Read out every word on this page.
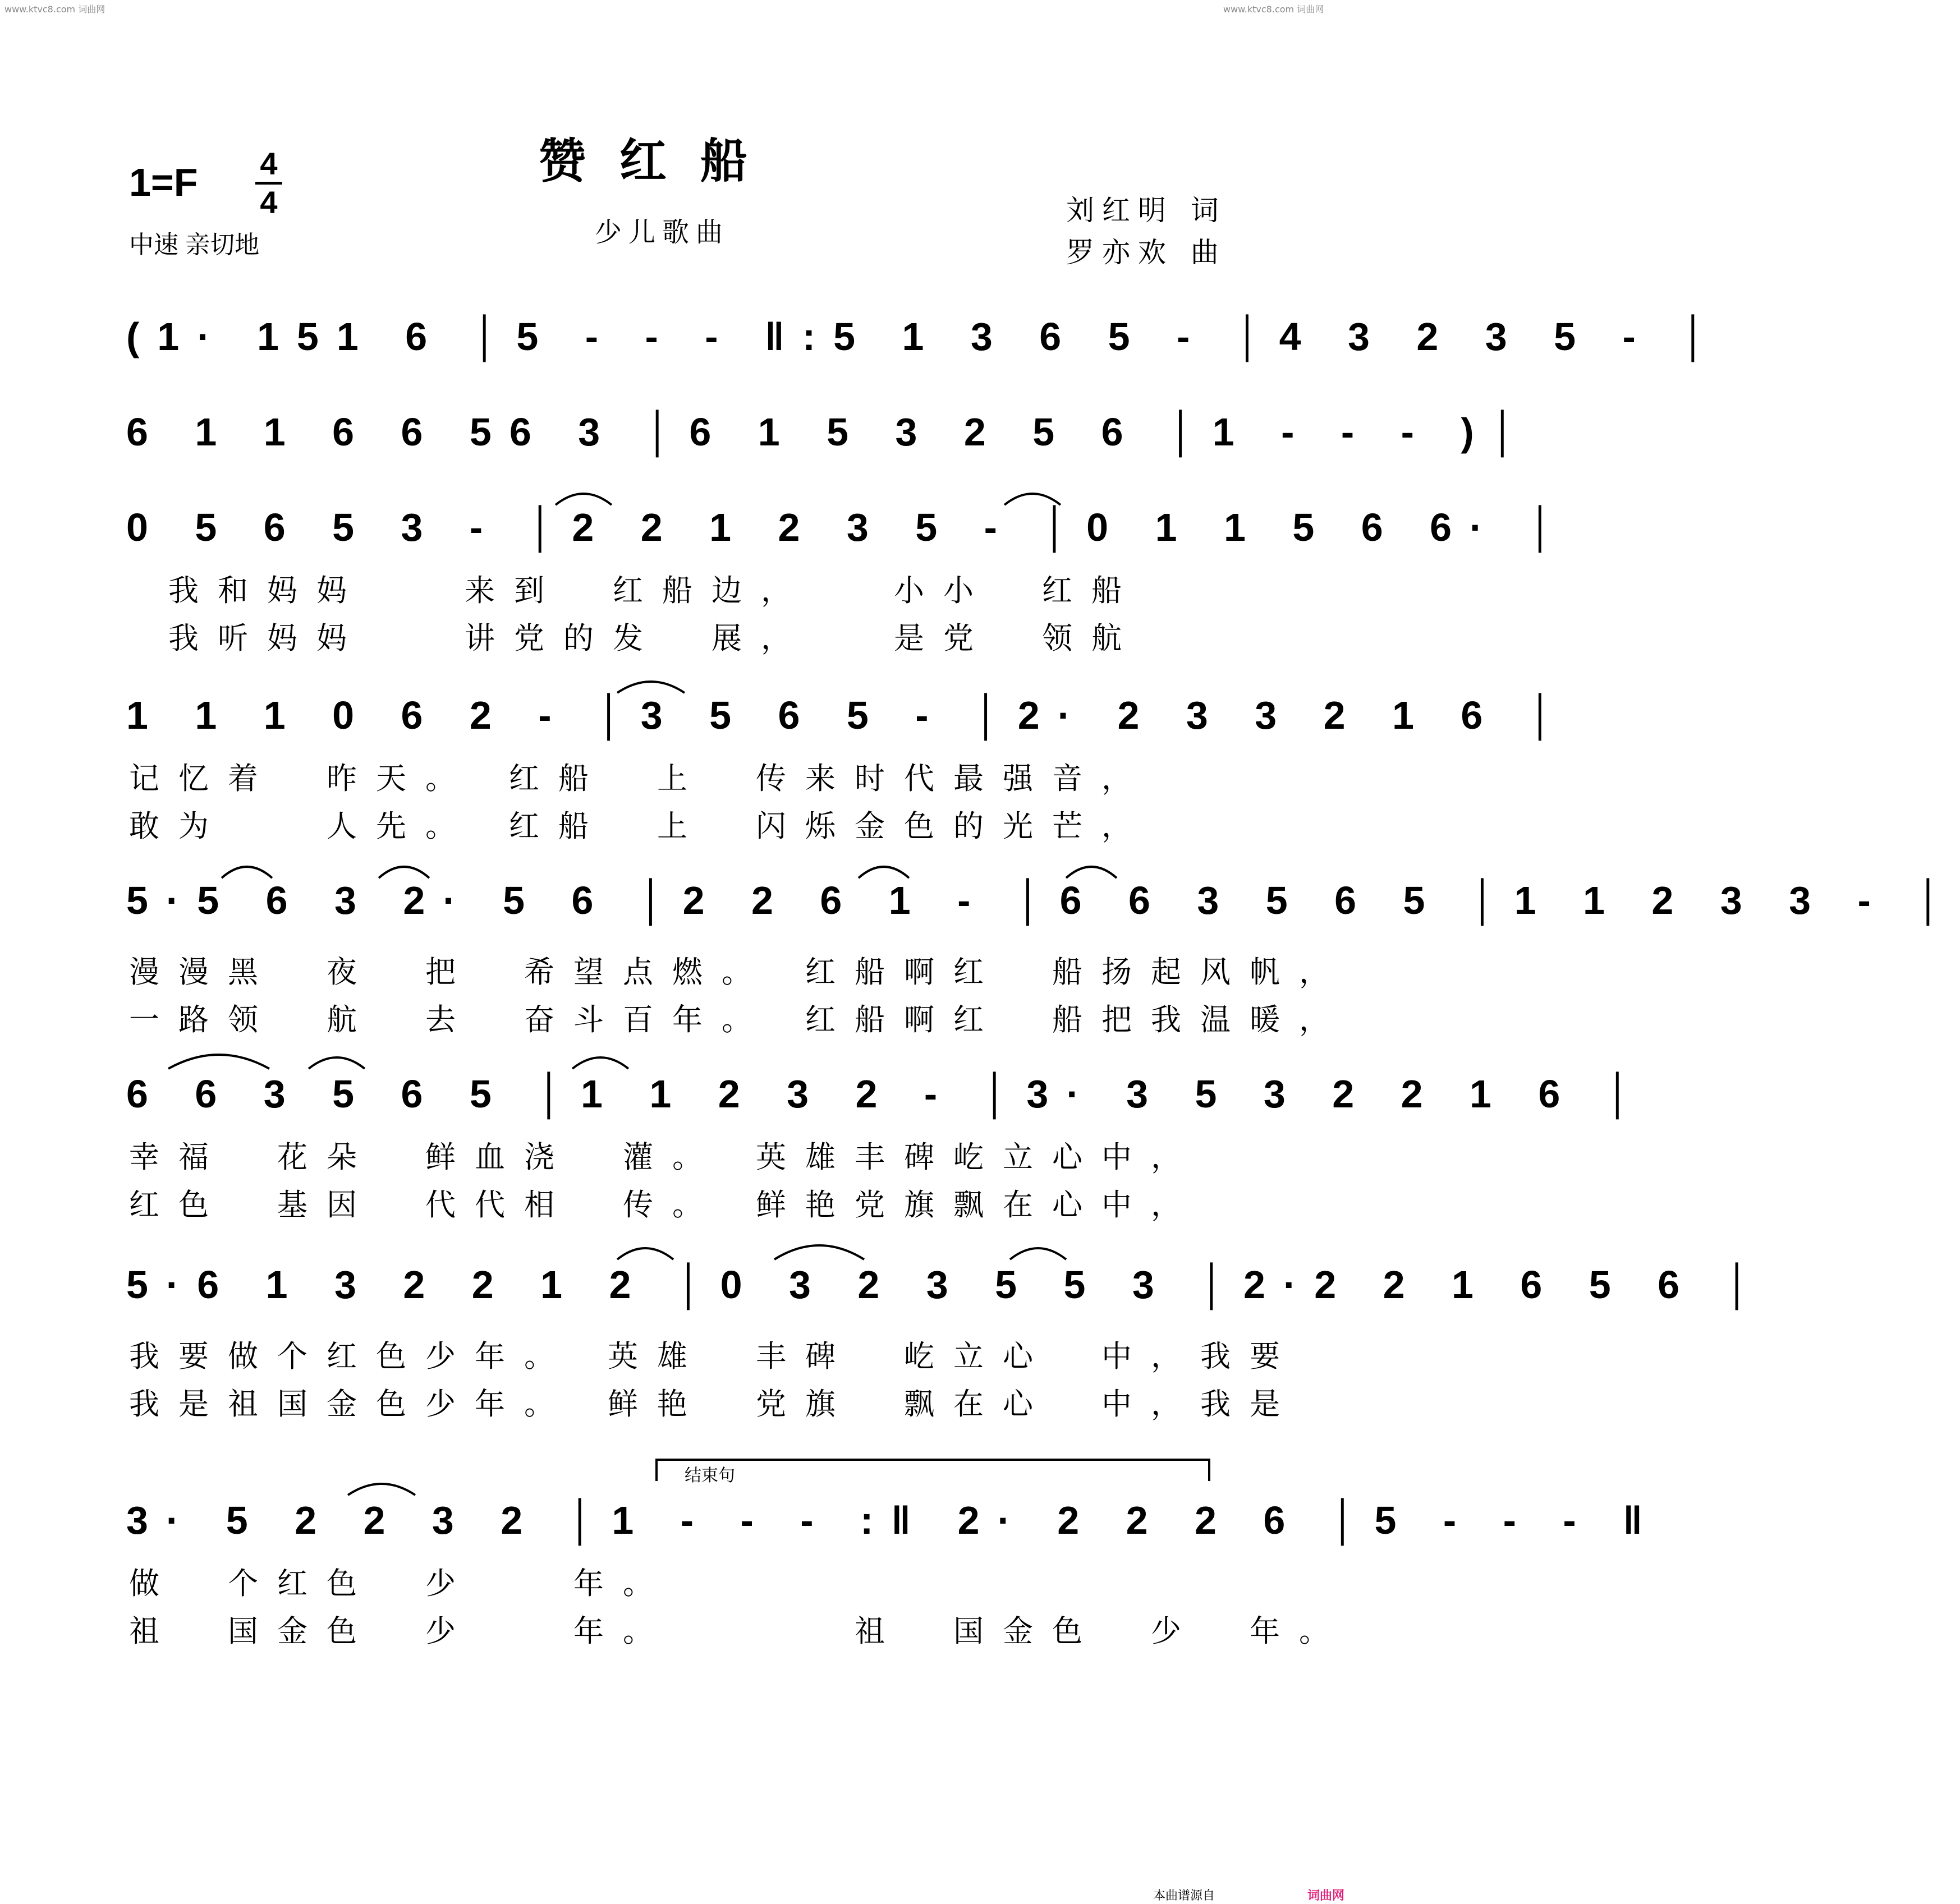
www.ktvc8.com 词曲网	www.ktvc8.com 词曲网
赞红船
少儿歌曲
刘红明 词
罗亦欢 曲
1=F 4
4
中速 亲切地
(1· 151 6 │5 - - - ‖:5 1 3 6 5 - │4 3 2 3 5 - │
6 1 1 6 6 56 3 │6 1 5 3 2 5 6 │1 - - - )│
0 5 6 5 3 - │2 2 1 2 3 5 - │0 1 1 5 6 6· │
我和妈妈　　来到　红船边，　　小小　红船
我听妈妈　　讲党的发　展，　　是党　领航
1 1 1 0 6 2 - │3 5 6 5 - │2· 2 3 3 2 1 6 │
记忆着　昨天。　红船　上　传来时代最强音，
敢为　　人先。　红船　上　闪烁金色的光芒，
5·5 6 3 2· 5 6 │2 2 6 1 - │6 6 3 5 6 5 │1 1 2 3 3 - │
漫漫黑　夜　把　希望点燃。　红船啊红　船扬起风帆，
一路领　航　去　奋斗百年。　红船啊红　船把我温暖，
6 6 3 5 6 5 │1 1 2 3 2 - │3· 3 5 3 2 2 1 6 │
幸福　花朵　鲜血浇　灌。　英雄丰碑屹立心中，
红色　基因　代代相　传。　鲜艳党旗飘在心中，
5·6 1 3 2 2 1 2 │0 3 2 3 5 5 3 │2·2 2 1 6 5 6 │
我要做个红色少年。　英雄　丰碑　屹立心　中，我要
我是祖国金色少年。　鲜艳　党旗　飘在心　中，我是
结束句
3· 5 2 2 3 2 │1 - - - :‖ 2· 2 2 2 6 │5 - - - ‖
做　个红色　少　　年。
祖　国金色　少　　年。　　　　祖　国金色　少　年。
本曲谱源自	词曲网
